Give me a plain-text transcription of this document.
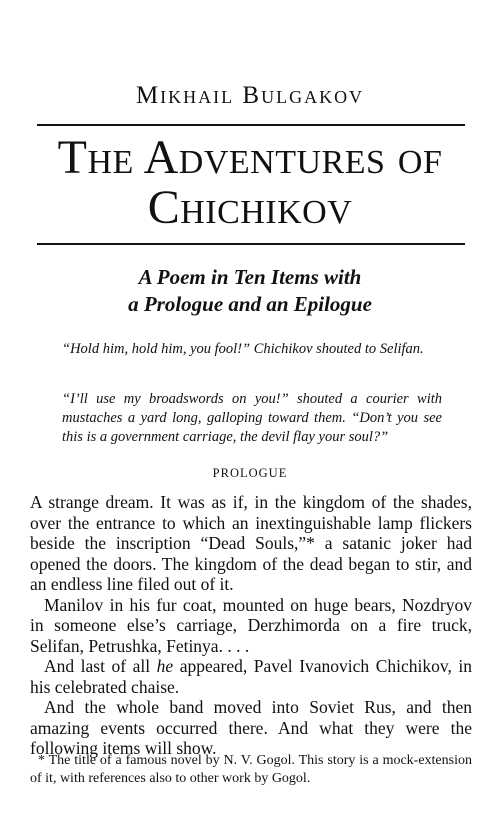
Mikhail Bulgakov
The Adventures of
Chichikov
A Poem in Ten Items with
a Prologue and an Epilogue
“Hold him, hold him, you fool!” Chichikov shouted to Selifan.
“I’ll use my broadswords on you!” shouted a courier with mustaches a yard long, galloping toward them. “Don’t you see this is a government carriage, the devil flay your soul?”
PROLOGUE

A strange dream. It was as if, in the kingdom of the shades, over the entrance to which an inextinguishable lamp flickers beside the inscription “Dead Souls,”* a satanic joker had opened the doors. The kingdom of the dead began to stir, and an endless line filed out of it.

Manilov in his fur coat, mounted on huge bears, Nozdryov in someone else’s carriage, Derzhimorda on a fire truck, Selifan, Petrushka, Fetinya. . . .

And last of all he appeared, Pavel Ivanovich Chichikov, in his celebrated chaise.

And the whole band moved into Soviet Rus, and then amazing events occurred there. And what they were the following items will show.

* The title of a famous novel by N. V. Gogol. This story is a mock-extension of it, with references also to other work by Gogol.
